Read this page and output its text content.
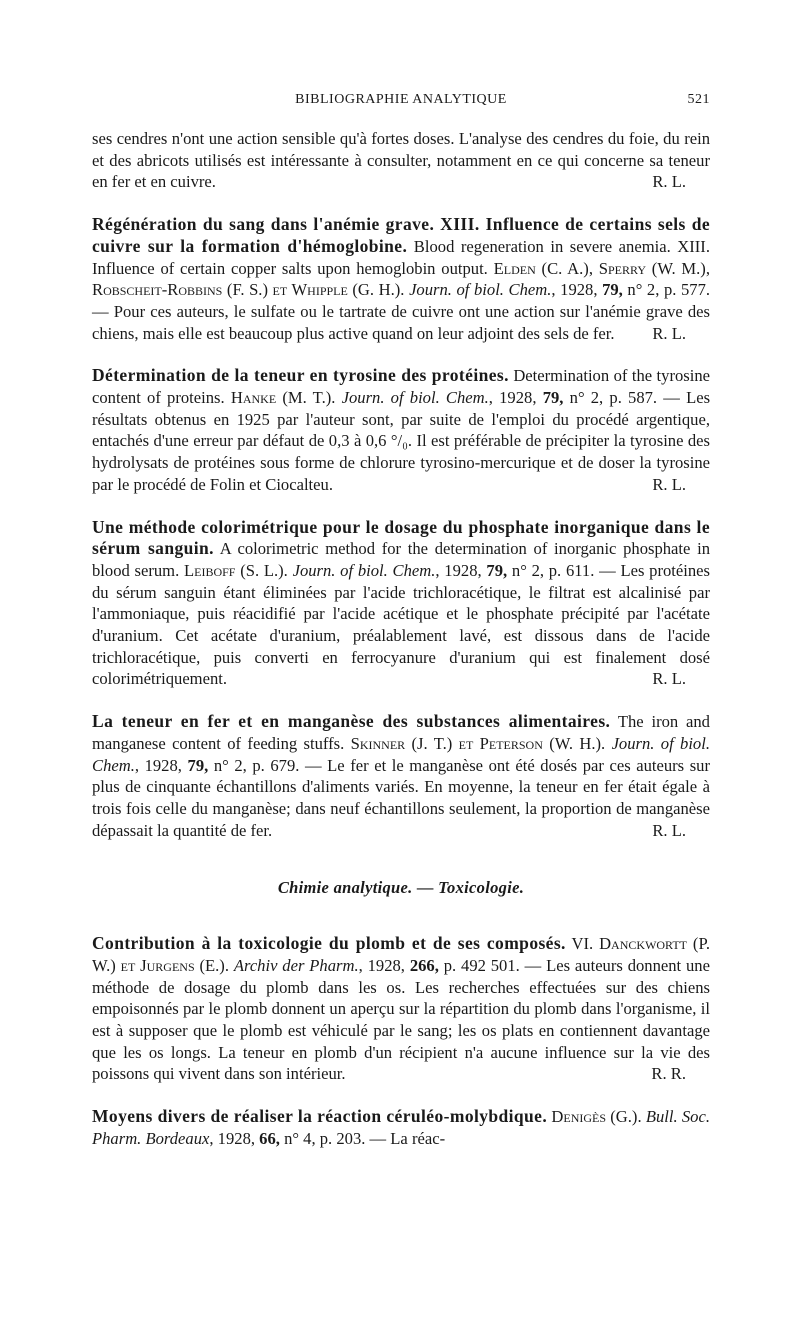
BIBLIOGRAPHIE ANALYTIQUE	521

ses cendres n'ont une action sensible qu'à fortes doses. L'analyse des cendres du foie, du rein et des abricots utilisés est intéressante à consulter, notamment en ce qui concerne sa teneur en fer et en cuivre.	R. L.

Régénération du sang dans l'anémie grave. XIII. Influence de certains sels de cuivre sur la formation d'hémoglobine. Blood regeneration in severe anemia. XIII. Influence of certain copper salts upon hemoglobin output. Elden (C. A.), Sperry (W. M.), Robscheit-Robbins (F. S.) et Whipple (G. H.). Journ. of biol. Chem., 1928, 79, n° 2, p. 577. — Pour ces auteurs, le sulfate ou le tartrate de cuivre ont une action sur l'anémie grave des chiens, mais elle est beaucoup plus active quand on leur adjoint des sels de fer. R. L.

Détermination de la teneur en tyrosine des protéines. Determination of the tyrosine content of proteins. Hanke (M. T.). Journ. of biol. Chem., 1928, 79, n° 2, p. 587. — Les résultats obtenus en 1925 par l'auteur sont, par suite de l'emploi du procédé argentique, entachés d'une erreur par défaut de 0,3 à 0,6 °/₀. Il est préférable de précipiter la tyrosine des hydrolysats de protéines sous forme de chlorure tyrosino-mercurique et de doser la tyrosine par le procédé de Folin et Ciocalteu.	R. L.

Une méthode colorimétrique pour le dosage du phosphate inorganique dans le sérum sanguin. A colorimetric method for the determination of inorganic phosphate in blood serum. Leiboff (S. L.). Journ. of biol. Chem., 1928, 79, n° 2, p. 611. — Les protéines du sérum sanguin étant éliminées par l'acide trichloracétique, le filtrat est alcalinisé par l'ammoniaque, puis réacidifié par l'acide acétique et le phosphate précipité par l'acétate d'uranium. Cet acétate d'uranium, préalablement lavé, est dissous dans de l'acide trichloracétique, puis converti en ferrocyanure d'uranium qui est finalement dosé colorimétriquement.	R. L.

La teneur en fer et en manganèse des substances alimentaires. The iron and manganese content of feeding stuffs. Skinner (J. T.) et Peterson (W. H.). Journ. of biol. Chem., 1928, 79, n° 2, p. 679. — Le fer et le manganèse ont été dosés par ces auteurs sur plus de cinquante échantillons d'aliments variés. En moyenne, la teneur en fer était égale à trois fois celle du manganèse; dans neuf échantillons seulement, la proportion de manganèse dépassait la quantité de fer.	R. L.

Chimie analytique. — Toxicologie.

Contribution à la toxicologie du plomb et de ses composés. VI. Danckwortt (P. W.) et Jurgens (E.). Archiv der Pharm., 1928, 266, p. 492 501. — Les auteurs donnent une méthode de dosage du plomb dans les os. Les recherches effectuées sur des chiens empoisonnés par le plomb donnent un aperçu sur la répartition du plomb dans l'organisme, il est à supposer que le plomb est véhiculé par le sang; les os plats en contiennent davantage que les os longs. La teneur en plomb d'un récipient n'a aucune influence sur la vie des poissons qui vivent dans son intérieur.	R. R.

Moyens divers de réaliser la réaction céruléo-molybdique. Denigès (G.). Bull. Soc. Pharm. Bordeaux, 1928, 66, n° 4, p. 203. — La réac-
